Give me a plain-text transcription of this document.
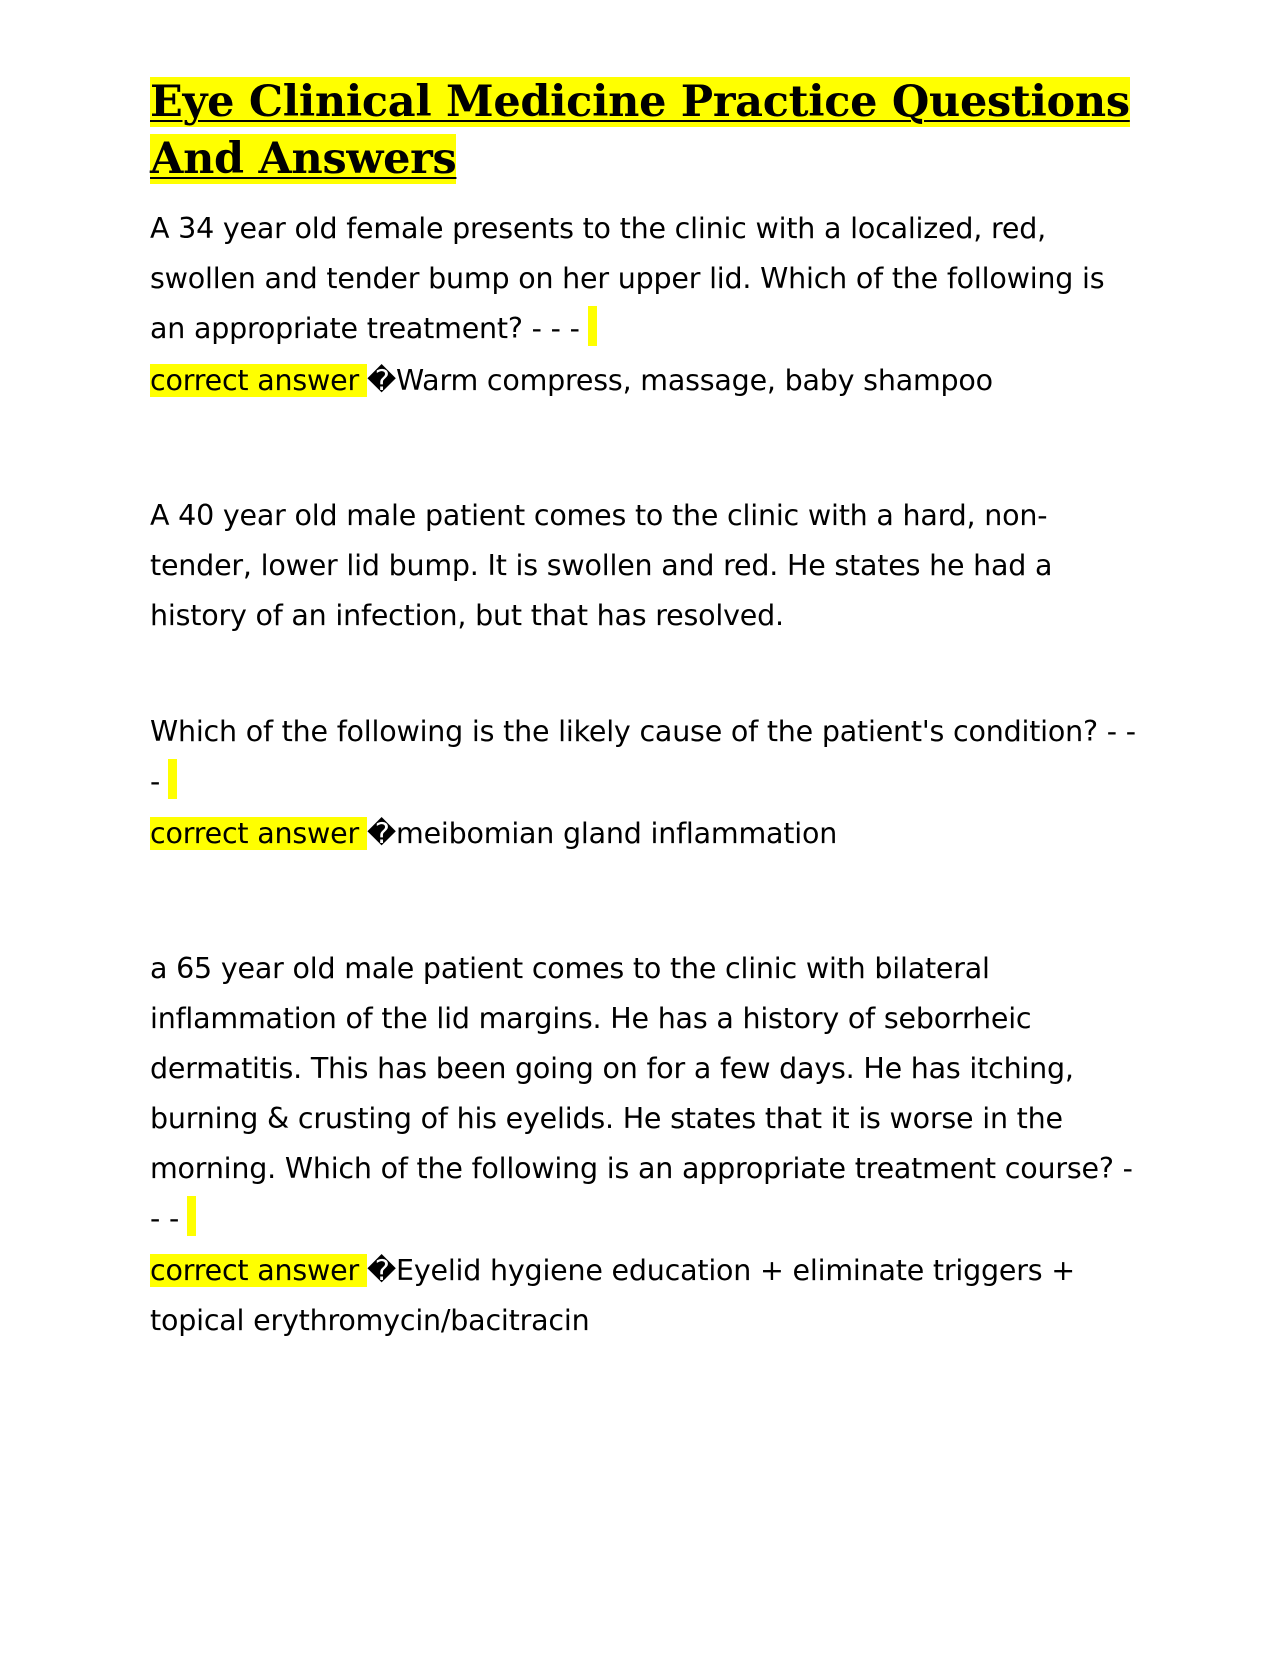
Eye Clinical Medicine Practice Questions
And Answers

A 34 year old female presents to the clinic with a localized, red, swollen and tender bump on her upper lid. Which of the following is an appropriate treatment? - - -

correct answer �Warm compress, massage, baby shampoo

A 40 year old male patient comes to the clinic with a hard, non-tender, lower lid bump. It is swollen and red. He states he had a history of an infection, but that has resolved.

Which of the following is the likely cause of the patient's condition? - - -

correct answer �meibomian gland inflammation

a 65 year old male patient comes to the clinic with bilateral inflammation of the lid margins. He has a history of seborrheic dermatitis. This has been going on for a few days. He has itching, burning & crusting of his eyelids. He states that it is worse in the morning. Which of the following is an appropriate treatment course? - - -

correct answer �Eyelid hygiene education + eliminate triggers + topical erythromycin/bacitracin
